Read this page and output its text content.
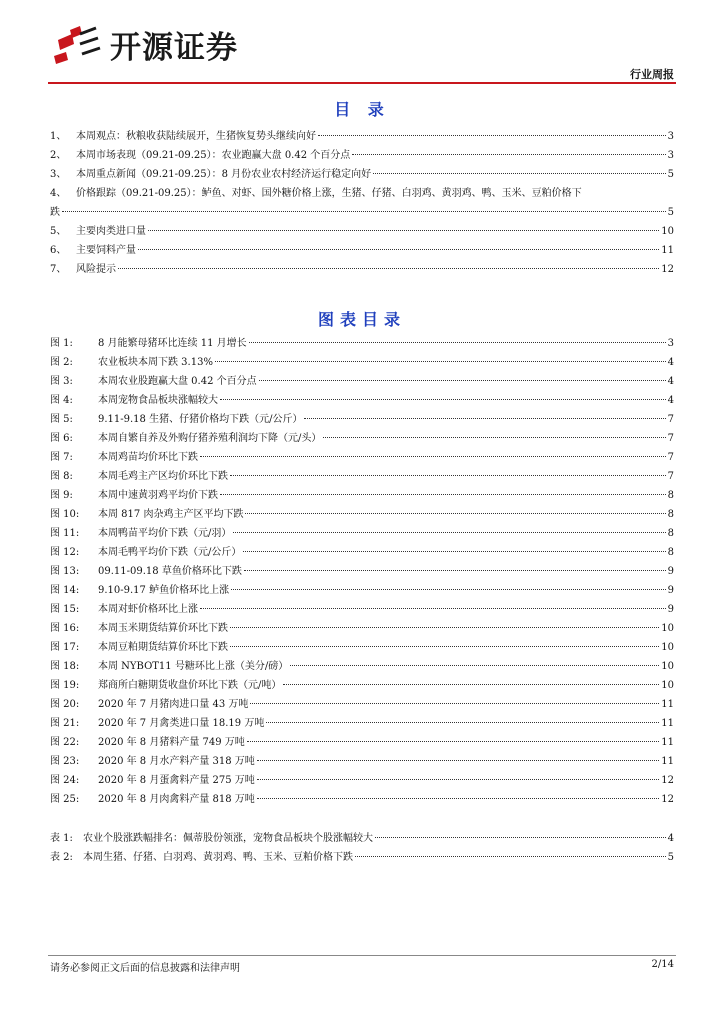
开源证券
行业周报
目 录
1、 本周观点：秋粮收获陆续展开，生猪恢复势头继续向好	3
2、 本周市场表现（09.21-09.25）：农业跑赢大盘 0.42 个百分点	3
3、 本周重点新闻（09.21-09.25）：8 月份农业农村经济运行稳定向好	5
4、 价格跟踪（09.21-09.25）：鲈鱼、对虾、国外糖价格上涨，生猪、仔猪、白羽鸡、黄羽鸡、鸭、玉米、豆粕价格下
跌	5
5、 主要肉类进口量	10
6、 主要饲料产量	11
7、 风险提示	12
图表目录
图 1:	8 月能繁母猪环比连续 11 月增长	3
图 2:	农业板块本周下跌 3.13%	4
图 3:	本周农业股跑赢大盘 0.42 个百分点	4
图 4:	本周宠物食品板块涨幅较大	4
图 5:	9.11-9.18 生猪、仔猪价格均下跌（元/公斤）	7
图 6:	本周自繁自养及外购仔猪养殖利润均下降（元/头）	7
图 7:	本周鸡苗均价环比下跌	7
图 8:	本周毛鸡主产区均价环比下跌	7
图 9:	本周中速黄羽鸡平均价下跌	8
图 10:	本周 817 肉杂鸡主产区平均下跌	8
图 11:	本周鸭苗平均价下跌（元/羽）	8
图 12:	本周毛鸭平均价下跌（元/公斤）	8
图 13:	09.11-09.18 草鱼价格环比下跌	9
图 14:	9.10-9.17 鲈鱼价格环比上涨	9
图 15:	本周对虾价格环比上涨	9
图 16:	本周玉米期货结算价环比下跌	10
图 17:	本周豆粕期货结算价环比下跌	10
图 18:	本周 NYBOT11 号糖环比上涨（美分/磅）	10
图 19:	郑商所白糖期货收盘价环比下跌（元/吨）	10
图 20:	2020 年 7 月猪肉进口量 43 万吨	11
图 21:	2020 年 7 月禽类进口量 18.19 万吨	11
图 22:	2020 年 8 月猪料产量 749 万吨	11
图 23:	2020 年 8 月水产料产量 318 万吨	11
图 24:	2020 年 8 月蛋禽料产量 275 万吨	12
图 25:	2020 年 8 月肉禽料产量 818 万吨	12
表 1:	农业个股涨跌幅排名：佩蒂股份领涨，宠物食品板块个股涨幅较大	4
表 2:	本周生猪、仔猪、白羽鸡、黄羽鸡、鸭、玉米、豆粕价格下跌	5
请务必参阅正文后面的信息披露和法律声明	2/14
